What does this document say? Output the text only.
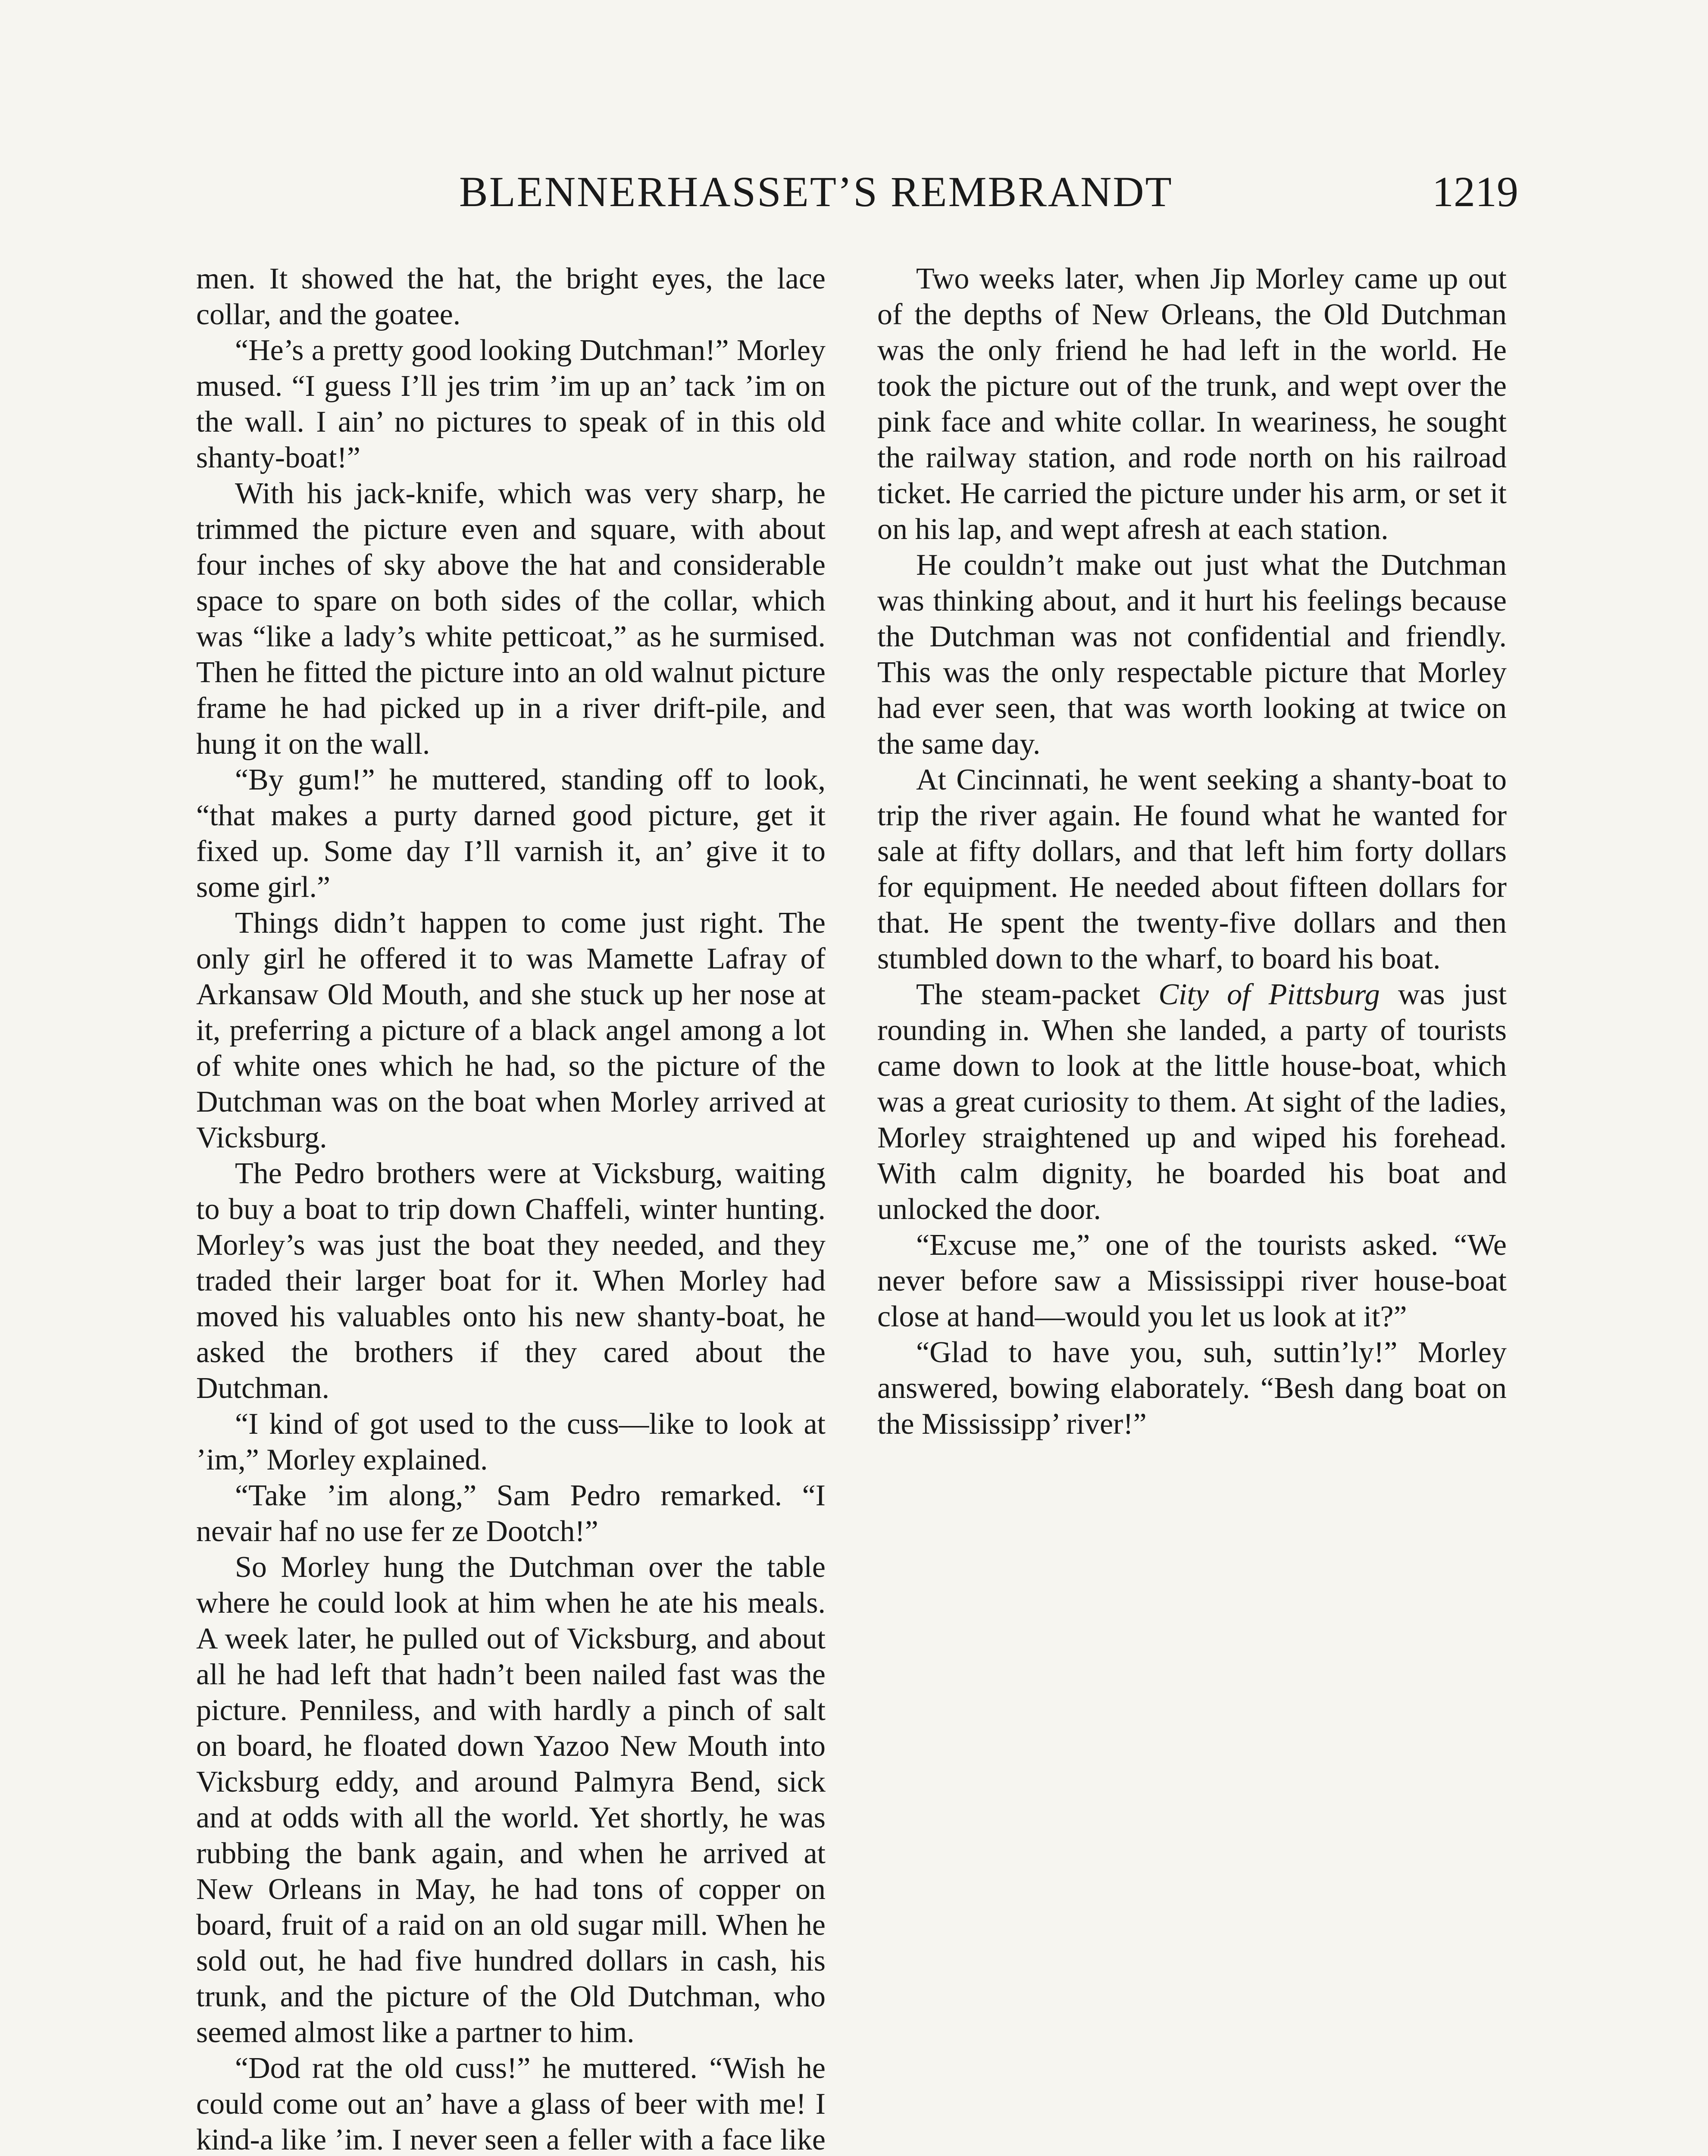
BLENNERHASSET’S REMBRANDT	1219

men. It showed the hat, the bright eyes, the lace collar, and the goatee.

“He’s a pretty good looking Dutchman!” Morley mused. “I guess I’ll jes trim ’im up an’ tack ’im on the wall. I ain’ no pictures to speak of in this old shanty-boat!”

With his jack-knife, which was very sharp, he trimmed the picture even and square, with about four inches of sky above the hat and considerable space to spare on both sides of the collar, which was “like a lady’s white petticoat,” as he surmised. Then he fitted the picture into an old walnut picture frame he had picked up in a river drift-pile, and hung it on the wall.

“By gum!” he muttered, standing off to look, “that makes a purty darned good picture, get it fixed up. Some day I’ll varnish it, an’ give it to some girl.”

Things didn’t happen to come just right. The only girl he offered it to was Mamette Lafray of Arkansaw Old Mouth, and she stuck up her nose at it, preferring a picture of a black angel among a lot of white ones which he had, so the picture of the Dutchman was on the boat when Morley arrived at Vicksburg.

The Pedro brothers were at Vicksburg, waiting to buy a boat to trip down Chaffeli, winter hunting. Morley’s was just the boat they needed, and they traded their larger boat for it. When Morley had moved his valuables onto his new shanty-boat, he asked the brothers if they cared about the Dutchman.

“I kind of got used to the cuss—like to look at ’im,” Morley explained.

“Take ’im along,” Sam Pedro remarked. “I nevair haf no use fer ze Dootch!”

So Morley hung the Dutchman over the table where he could look at him when he ate his meals. A week later, he pulled out of Vicksburg, and about all he had left that hadn’t been nailed fast was the picture. Penniless, and with hardly a pinch of salt on board, he floated down Yazoo New Mouth into Vicksburg eddy, and around Palmyra Bend, sick and at odds with all the world. Yet shortly, he was rubbing the bank again, and when he arrived at New Orleans in May, he had tons of copper on board, fruit of a raid on an old sugar mill. When he sold out, he had five hundred dollars in cash, his trunk, and the picture of the Old Dutchman, who seemed almost like a partner to him.

“Dod rat the old cuss!” he muttered. “Wish he could come out an’ have a glass of beer with me! I kind-a like ’im. I never seen a feller with a face like

Two weeks later, when Jip Morley came up out of the depths of New Orleans, the Old Dutchman was the only friend he had left in the world. He took the picture out of the trunk, and wept over the pink face and white collar. In weariness, he sought the railway station, and rode north on his railroad ticket. He carried the picture under his arm, or set it on his lap, and wept afresh at each station.

He couldn’t make out just what the Dutchman was thinking about, and it hurt his feelings because the Dutchman was not confidential and friendly. This was the only respectable picture that Morley had ever seen, that was worth looking at twice on the same day.

At Cincinnati, he went seeking a shanty-boat to trip the river again. He found what he wanted for sale at fifty dollars, and that left him forty dollars for equipment. He needed about fifteen dollars for that. He spent the twenty-five dollars and then stumbled down to the wharf, to board his boat.

The steam-packet City of Pittsburg was just rounding in. When she landed, a party of tourists came down to look at the little house-boat, which was a great curiosity to them. At sight of the ladies, Morley straightened up and wiped his forehead. With calm dignity, he boarded his boat and unlocked the door.

“Excuse me,” one of the tourists asked. “We never before saw a Mississippi river house-boat close at hand—would you let us look at it?”

“Glad to have you, suh, suttin’ly!” Morley answered, bowing elaborately. “Besh dang boat on the Mississipp’ river!”
